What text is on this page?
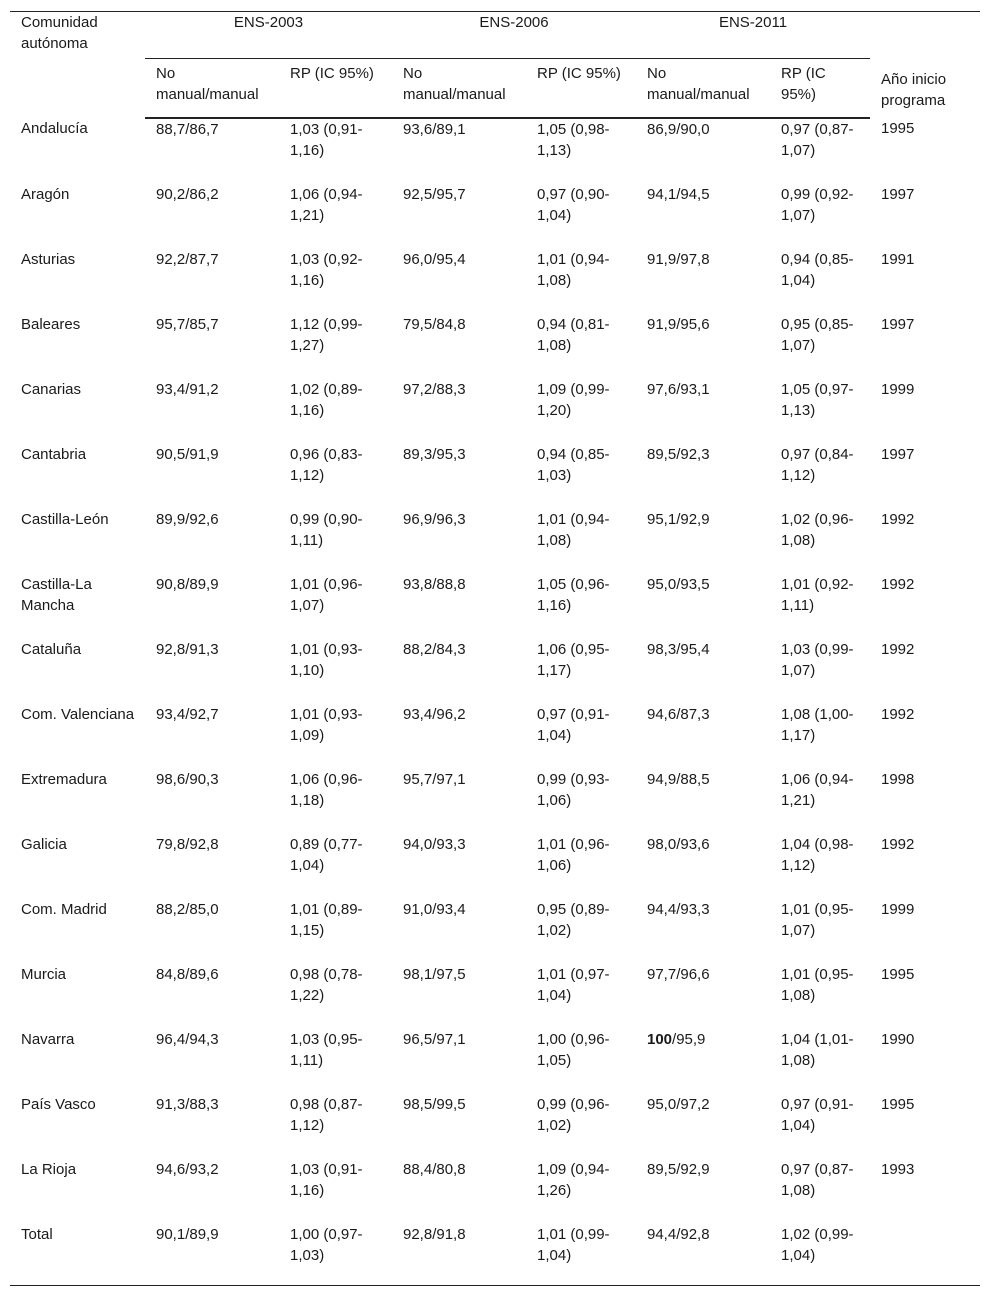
Comunidad autónoma	ENS-2003		ENS-2006		ENS-2011		Año inicio programa
	No manual/manual	RP (IC 95%)	No manual/manual	RP (IC 95%)	No manual/manual	RP (IC 95%)	
Andalucía	88,7/86,7	1,03 (0,91-1,16)	93,6/89,1	1,05 (0,98-1,13)	86,9/90,0	0,97 (0,87-1,07)	1995
Aragón	90,2/86,2	1,06 (0,94-1,21)	92,5/95,7	0,97 (0,90-1,04)	94,1/94,5	0,99 (0,92-1,07)	1997
Asturias	92,2/87,7	1,03 (0,92-1,16)	96,0/95,4	1,01 (0,94-1,08)	91,9/97,8	0,94 (0,85-1,04)	1991
Baleares	95,7/85,7	1,12 (0,99-1,27)	79,5/84,8	0,94 (0,81-1,08)	91,9/95,6	0,95 (0,85-1,07)	1997
Canarias	93,4/91,2	1,02 (0,89-1,16)	97,2/88,3	1,09 (0,99-1,20)	97,6/93,1	1,05 (0,97-1,13)	1999
Cantabria	90,5/91,9	0,96 (0,83-1,12)	89,3/95,3	0,94 (0,85-1,03)	89,5/92,3	0,97 (0,84-1,12)	1997
Castilla-León	89,9/92,6	0,99 (0,90-1,11)	96,9/96,3	1,01 (0,94-1,08)	95,1/92,9	1,02 (0,96-1,08)	1992
Castilla-La Mancha	90,8/89,9	1,01 (0,96-1,07)	93,8/88,8	1,05 (0,96-1,16)	95,0/93,5	1,01 (0,92-1,11)	1992
Cataluña	92,8/91,3	1,01 (0,93-1,10)	88,2/84,3	1,06 (0,95-1,17)	98,3/95,4	1,03 (0,99-1,07)	1992
Com. Valenciana	93,4/92,7	1,01 (0,93-1,09)	93,4/96,2	0,97 (0,91-1,04)	94,6/87,3	1,08 (1,00-1,17)	1992
Extremadura	98,6/90,3	1,06 (0,96-1,18)	95,7/97,1	0,99 (0,93-1,06)	94,9/88,5	1,06 (0,94-1,21)	1998
Galicia	79,8/92,8	0,89 (0,77-1,04)	94,0/93,3	1,01 (0,96-1,06)	98,0/93,6	1,04 (0,98-1,12)	1992
Com. Madrid	88,2/85,0	1,01 (0,89-1,15)	91,0/93,4	0,95 (0,89-1,02)	94,4/93,3	1,01 (0,95-1,07)	1999
Murcia	84,8/89,6	0,98 (0,78-1,22)	98,1/97,5	1,01 (0,97-1,04)	97,7/96,6	1,01 (0,95-1,08)	1995
Navarra	96,4/94,3	1,03 (0,95-1,11)	96,5/97,1	1,00 (0,96-1,05)	100/95,9	1,04 (1,01-1,08)	1990
País Vasco	91,3/88,3	0,98 (0,87-1,12)	98,5/99,5	0,99 (0,96-1,02)	95,0/97,2	0,97 (0,91-1,04)	1995
La Rioja	94,6/93,2	1,03 (0,91-1,16)	88,4/80,8	1,09 (0,94-1,26)	89,5/92,9	0,97 (0,87-1,08)	1993
Total	90,1/89,9	1,00 (0,97-1,03)	92,8/91,8	1,01 (0,99-1,04)	94,4/92,8	1,02 (0,99-1,04)	
